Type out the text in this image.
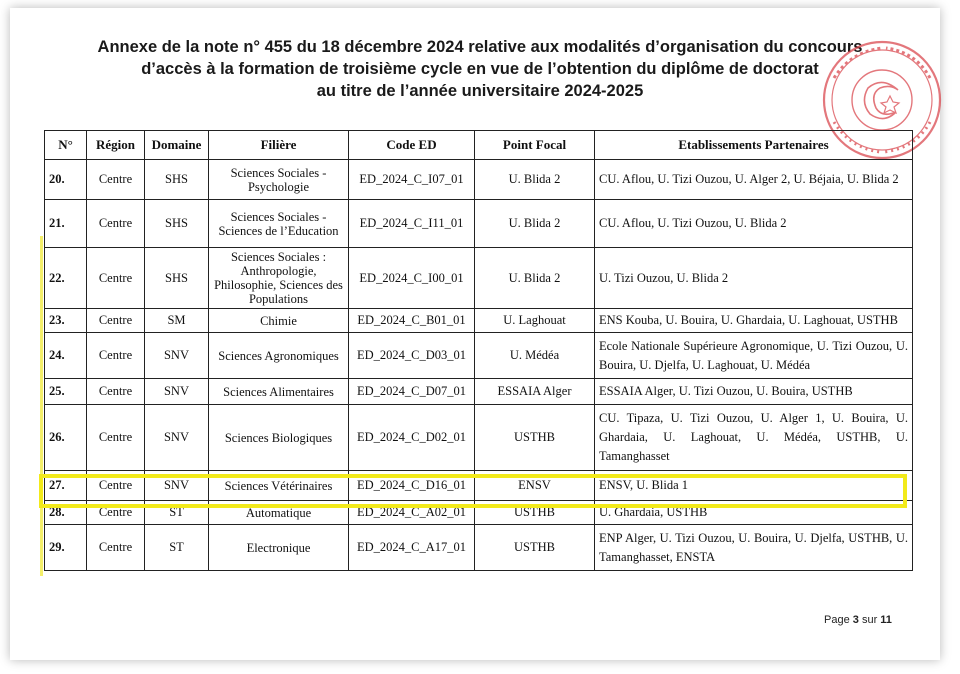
Annexe de la note n° 455 du 18 décembre 2024 relative aux modalités d’organisation du concours
d’accès à la formation de troisième cycle en vue de l’obtention du diplôme de doctorat
au titre de l’année universitaire 2024-2025
N°	Région	Domaine	Filière	Code ED	Point Focal	Etablissements Partenaires
20.	Centre	SHS	Sciences Sociales - Psychologie	ED_2024_C_I07_01	U. Blida 2	CU. Aflou, U. Tizi Ouzou, U. Alger 2, U. Béjaia, U. Blida 2
21.	Centre	SHS	Sciences Sociales - Sciences de l’Education	ED_2024_C_I11_01	U. Blida 2	CU. Aflou, U. Tizi Ouzou, U. Blida 2
22.	Centre	SHS	Sciences Sociales : Anthropologie, Philosophie, Sciences des Populations	ED_2024_C_I00_01	U. Blida 2	U. Tizi Ouzou, U. Blida 2
23.	Centre	SM	Chimie	ED_2024_C_B01_01	U. Laghouat	ENS Kouba, U. Bouira, U. Ghardaia, U. Laghouat, USTHB
24.	Centre	SNV	Sciences Agronomiques	ED_2024_C_D03_01	U. Médéa	Ecole Nationale Supérieure Agronomique, U. Tizi Ouzou, U. Bouira, U. Djelfa, U. Laghouat, U. Médéa
25.	Centre	SNV	Sciences Alimentaires	ED_2024_C_D07_01	ESSAIA Alger	ESSAIA Alger, U. Tizi Ouzou, U. Bouira, USTHB
26.	Centre	SNV	Sciences Biologiques	ED_2024_C_D02_01	USTHB	CU. Tipaza, U. Tizi Ouzou, U. Alger 1, U. Bouira, U. Ghardaia, U. Laghouat, U. Médéa, USTHB, U. Tamanghasset
27.	Centre	SNV	Sciences Vétérinaires	ED_2024_C_D16_01	ENSV	ENSV, U. Blida 1
28.	Centre	ST	Automatique	ED_2024_C_A02_01	USTHB	U. Ghardaia, USTHB
29.	Centre	ST	Electronique	ED_2024_C_A17_01	USTHB	ENP Alger, U. Tizi Ouzou, U. Bouira, U. Djelfa, USTHB, U. Tamanghasset, ENSTA
Page 3 sur 11
